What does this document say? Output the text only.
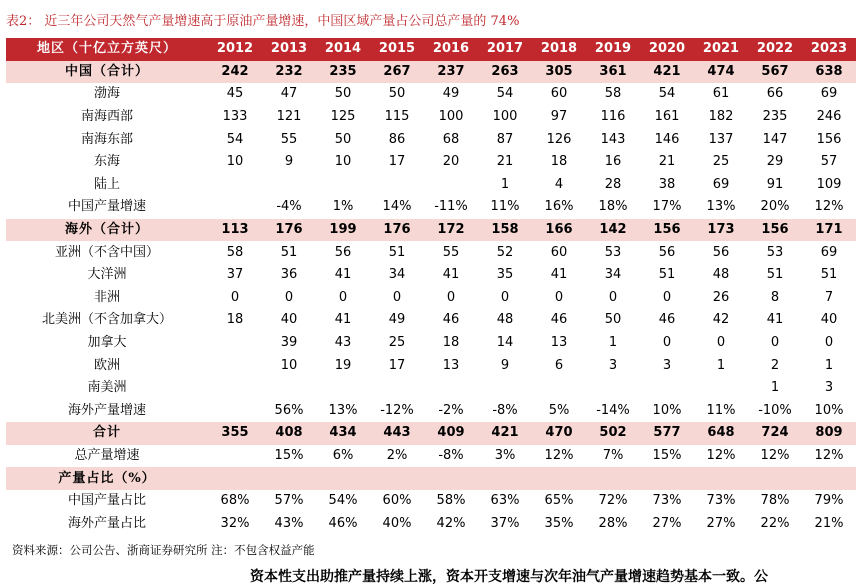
表2： 近三年公司天然气产量增速高于原油产量增速，中国区域产量占公司总产量的 74%
地区（十亿立方英尺）	2012	2013	2014	2015	2016	2017	2018	2019	2020	2021	2022	2023
中国（合计）	242	232	235	267	237	263	305	361	421	474	567	638
渤海	45	47	50	50	49	54	60	58	54	61	66	69
南海西部	133	121	125	115	100	100	97	116	161	182	235	246
南海东部	54	55	50	86	68	87	126	143	146	137	147	156
东海	10	9	10	17	20	21	18	16	21	25	29	57
陆上						1	4	28	38	69	91	109
中国产量增速		-4%	1%	14%	-11%	11%	16%	18%	17%	13%	20%	12%
海外（合计）	113	176	199	176	172	158	166	142	156	173	156	171
亚洲（不含中国）	58	51	56	51	55	52	60	53	56	56	53	69
大洋洲	37	36	41	34	41	35	41	34	51	48	51	51
非洲	0	0	0	0	0	0	0	0	0	26	8	7
北美洲（不含加拿大）	18	40	41	49	46	48	46	50	46	42	41	40
加拿大		39	43	25	18	14	13	1	0	0	0	0
欧洲		10	19	17	13	9	6	3	3	1	2	1
南美洲											1	3
海外产量增速		56%	13%	-12%	-2%	-8%	5%	-14%	10%	11%	-10%	10%
合计	355	408	434	443	409	421	470	502	577	648	724	809
总产量增速		15%	6%	2%	-8%	3%	12%	7%	15%	12%	12%	12%
产量占比（%）												
中国产量占比	68%	57%	54%	60%	58%	63%	65%	72%	73%	73%	78%	79%
海外产量占比	32%	43%	46%	40%	42%	37%	35%	28%	27%	27%	22%	21%
资料来源：公司公告、浙商证券研究所 注：不包含权益产能
资本性支出助推产量持续上涨，资本开支增速与次年油气产量增速趋势基本一致。公
